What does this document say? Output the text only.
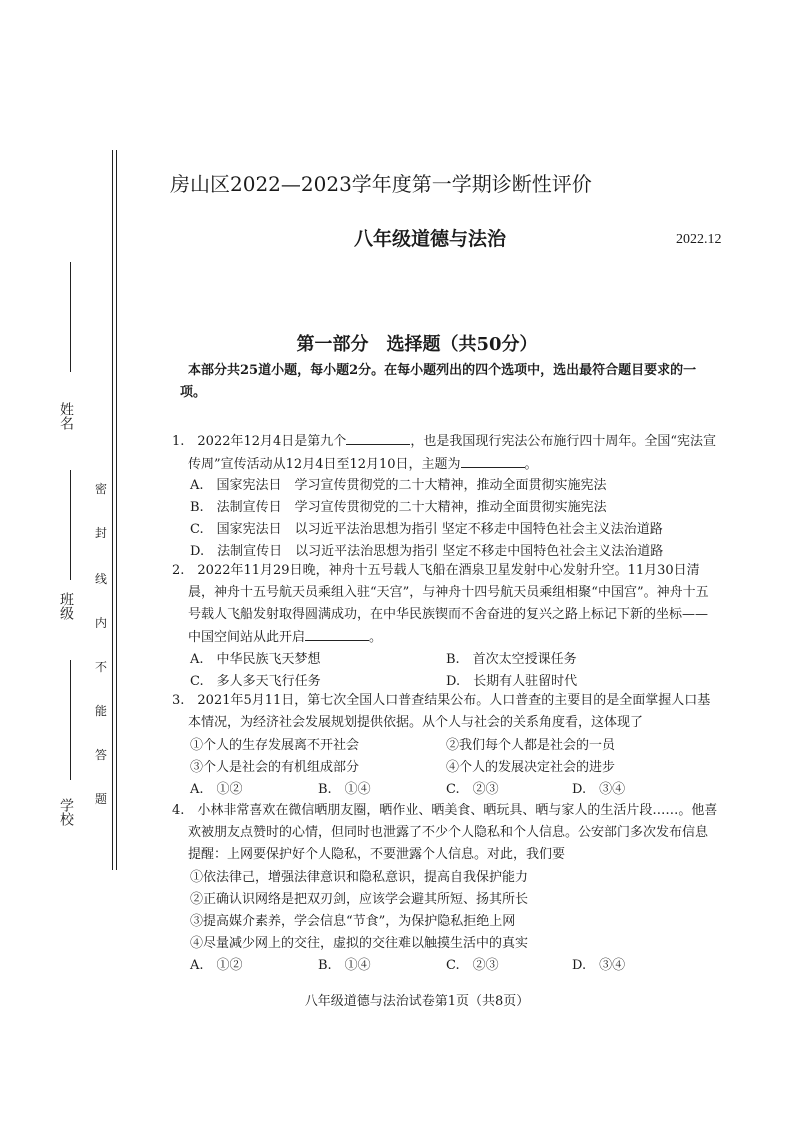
姓名
班级
学校
密
封
线
内
不
能
答
题
房山区2022—2023学年度第一学期诊断性评价
八年级道德与法治	2022.12
第一部分　选择题（共50分）
本部分共25道小题，每小题2分。在每小题列出的四个选项中，选出最符合题目要求的一项。
1.　2022年12月4日是第九个	，也是我国现行宪法公布施行四十周年。全国“宪法宣传周”宣传活动从12月4日至12月10日，主题为	。
A.　国家宪法日　学习宣传贯彻党的二十大精神，推动全面贯彻实施宪法
B.　法制宣传日　学习宣传贯彻党的二十大精神，推动全面贯彻实施宪法
C.　国家宪法日　以习近平法治思想为指引 坚定不移走中国特色社会主义法治道路
D.　法制宣传日　以习近平法治思想为指引 坚定不移走中国特色社会主义法治道路
2.　2022年11月29日晚，神舟十五号载人飞船在酒泉卫星发射中心发射升空。11月30日清晨，神舟十五号航天员乘组入驻“天宫”，与神舟十四号航天员乘组相聚“中国宫”。神舟十五号载人飞船发射取得圆满成功，在中华民族锲而不舍奋进的复兴之路上标记下新的坐标——中国空间站从此开启	。
A.　中华民族飞天梦想	B.　首次太空授课任务
C.　多人多天飞行任务	D.　长期有人驻留时代
3.　2021年5月11日，第七次全国人口普查结果公布。人口普查的主要目的是全面掌握人口基本情况，为经济社会发展规划提供依据。从个人与社会的关系角度看，这体现了
①个人的生存发展离不开社会	②我们每个人都是社会的一员
③个人是社会的有机组成部分	④个人的发展决定社会的进步
A.　①②	B.　①④	C.　②③	D.　③④
4.　小林非常喜欢在微信晒朋友圈，晒作业、晒美食、晒玩具、晒与家人的生活片段……。他喜欢被朋友点赞时的心情，但同时也泄露了不少个人隐私和个人信息。公安部门多次发布信息提醒：上网要保护好个人隐私，不要泄露个人信息。对此，我们要
①依法律己，增强法律意识和隐私意识，提高自我保护能力
②正确认识网络是把双刃剑，应该学会避其所短、扬其所长
③提高媒介素养，学会信息“节食”，为保护隐私拒绝上网
④尽量减少网上的交往，虚拟的交往难以触摸生活中的真实
A.　①②	B.　①④	C.　②③	D.　③④
八年级道德与法治试卷第1页（共8页）
